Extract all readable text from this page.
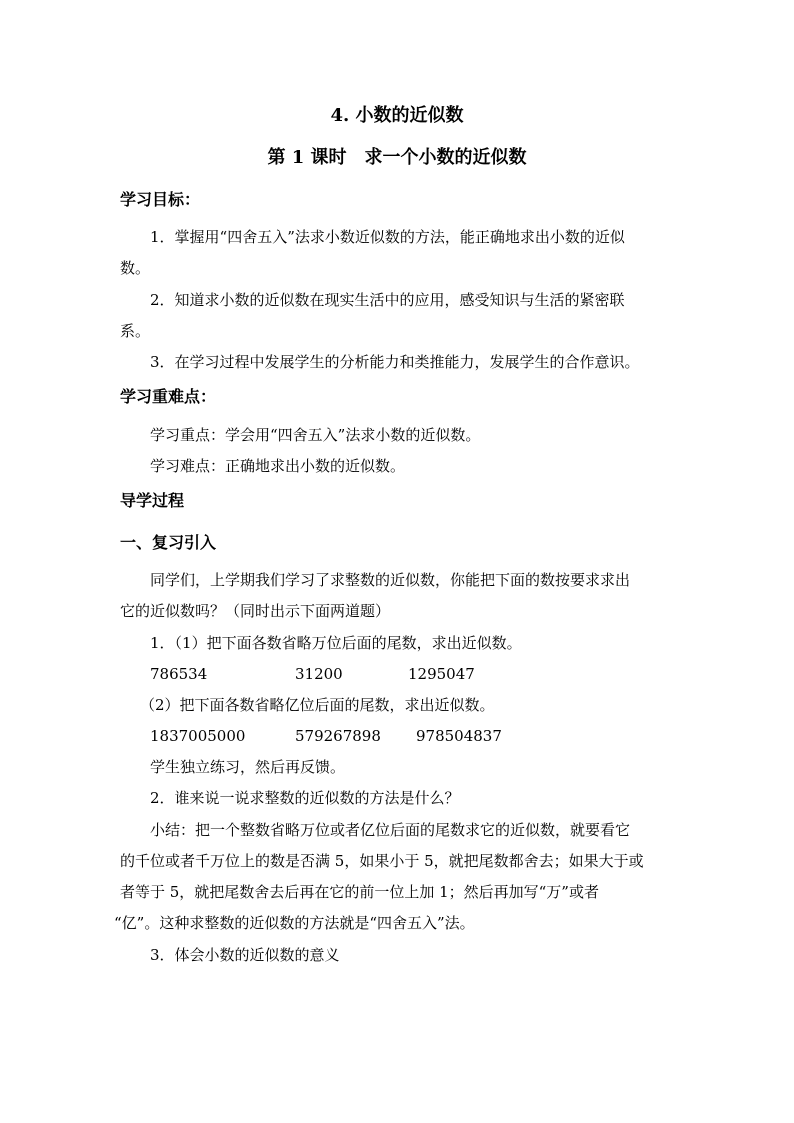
4. 小数的近似数
第 1 课时　求一个小数的近似数
学习目标：
1．掌握用“四舍五入”法求小数近似数的方法，能正确地求出小数的近似
数。
2．知道求小数的近似数在现实生活中的应用，感受知识与生活的紧密联
系。
3．在学习过程中发展学生的分析能力和类推能力，发展学生的合作意识。
学习重难点：
学习重点：学会用“四舍五入”法求小数的近似数。
学习难点：正确地求出小数的近似数。
导学过程
一、复习引入
同学们，上学期我们学习了求整数的近似数，你能把下面的数按要求求出
它的近似数吗？（同时出示下面两道题）
1．（1）把下面各数省略万位后面的尾数，求出近似数。
786534	31200	1295047
（2）把下面各数省略亿位后面的尾数，求出近似数。
1837005000	579267898 978504837
学生独立练习，然后再反馈。
2．谁来说一说求整数的近似数的方法是什么？
小结：把一个整数省略万位或者亿位后面的尾数求它的近似数，就要看它
的千位或者千万位上的数是否满 5，如果小于 5，就把尾数都舍去；如果大于或
者等于 5，就把尾数舍去后再在它的前一位上加 1；然后再加写“万”或者
“亿”。这种求整数的近似数的方法就是“四舍五入”法。
3．体会小数的近似数的意义
